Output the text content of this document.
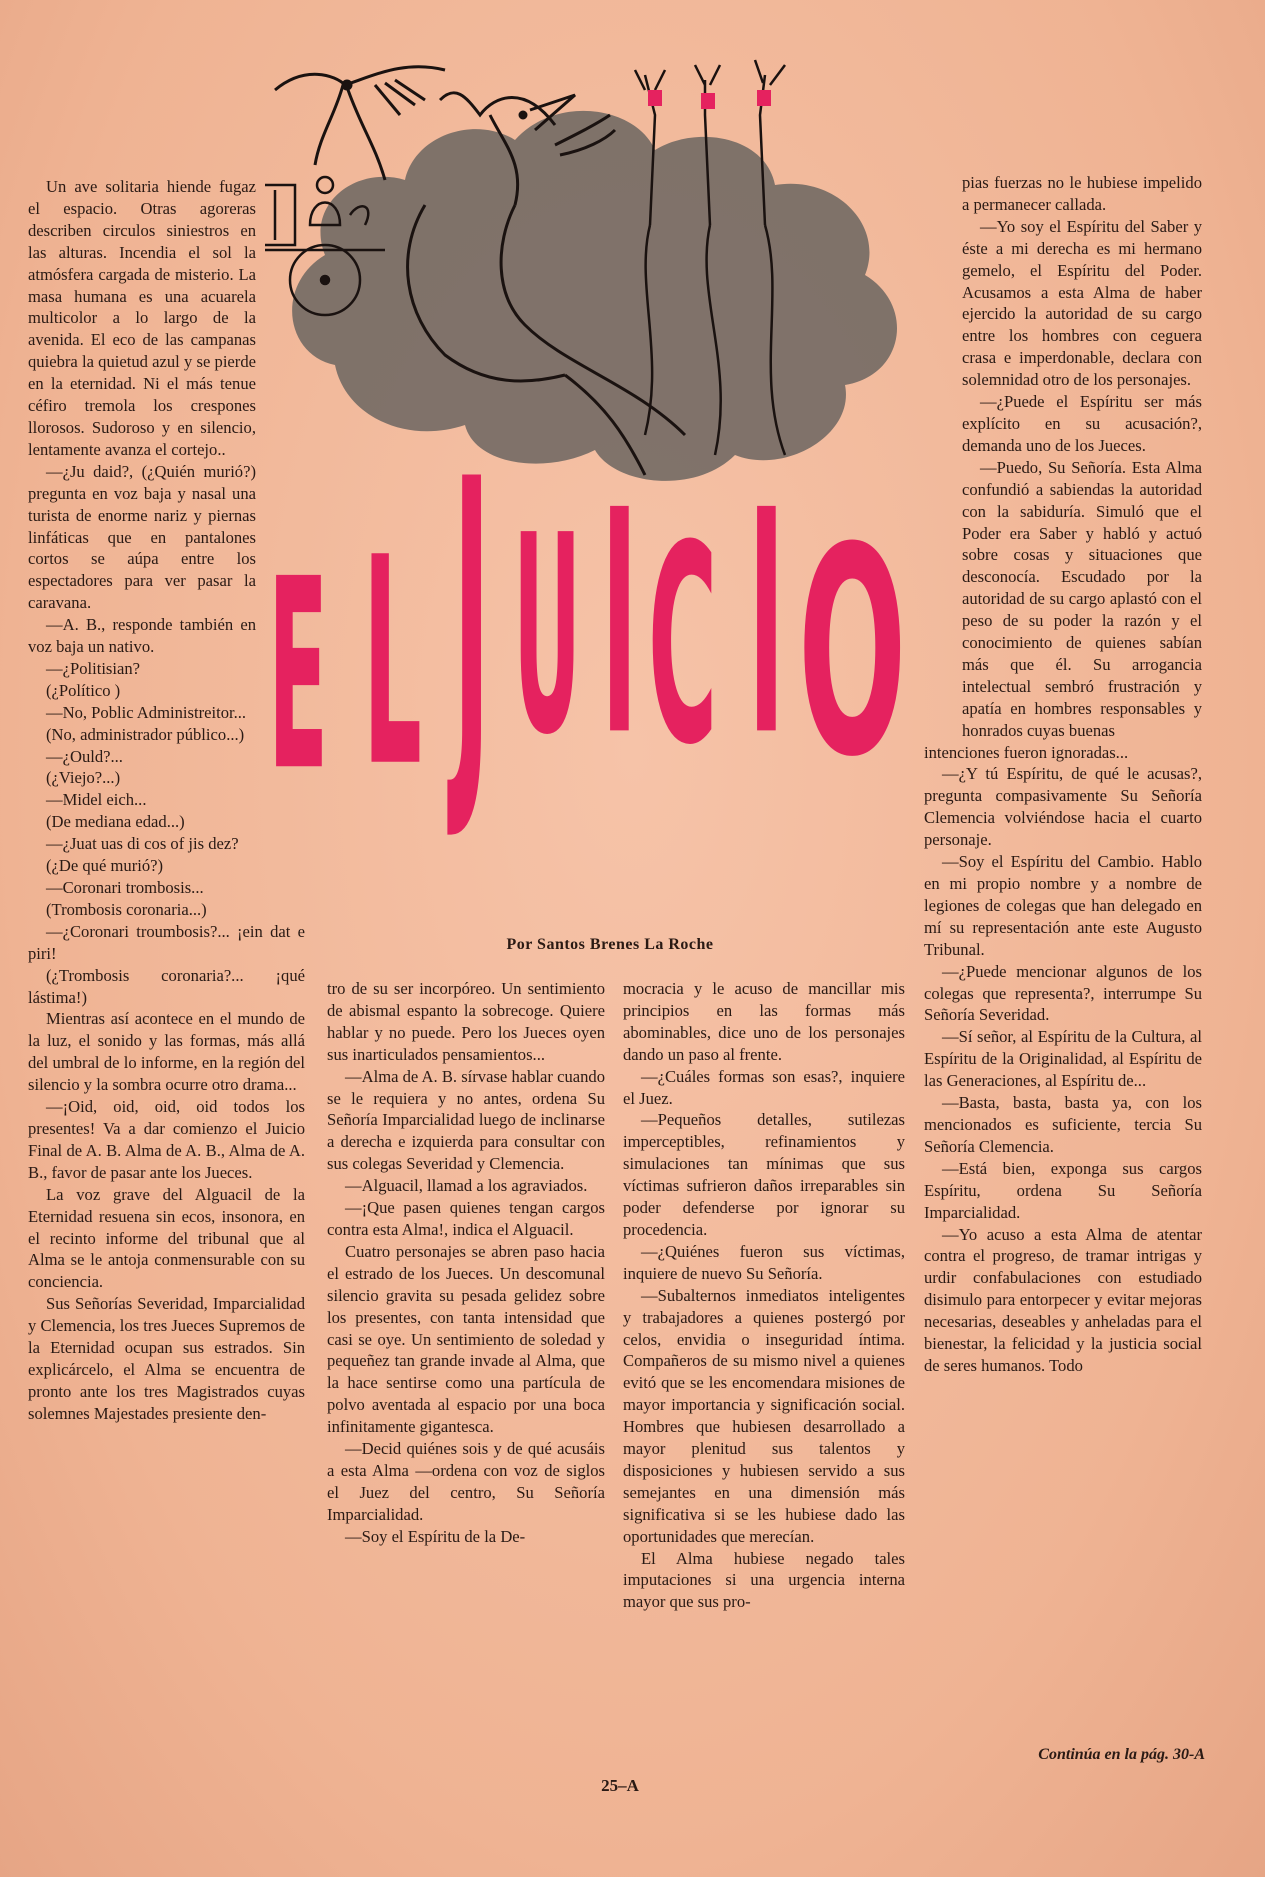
E L J U I C I O

Un ave solitaria hiende fugaz el espacio. Otras agoreras describen circulos siniestros en las alturas. Incendia el sol la atmósfera cargada de misterio. La masa humana es una acuarela multicolor a lo largo de la avenida. El eco de las campanas quiebra la quietud azul y se pierde en la eternidad. Ni el más tenue céfiro tremola los crespones llorosos. Sudoroso y en silencio, lentamente avanza el cortejo..

—¿Ju daid?, (¿Quién murió?) pregunta en voz baja y nasal una turista de enorme nariz y piernas linfáticas que en pantalones cortos se aúpa entre los espectadores para ver pasar la caravana.

—A. B., responde también en voz baja un nativo.

—¿Politisian?

(¿Político )

—No, Poblic Administreitor...

(No, administrador público...)

—¿Ould?...

(¿Viejo?...)

—Midel eich...

(De mediana edad...)

—¿Juat uas di cos of jis dez?

(¿De qué murió?)

—Coronari trombosis...

(Trombosis coronaria...)

—¿Coronari troumbosis?... ¡ein dat e piri!

(¿Trombosis coronaria?... ¡qué lástima!)

Mientras así acontece en el mundo de la luz, el sonido y las formas, más allá del umbral de lo informe, en la región del silencio y la sombra ocurre otro drama...

—¡Oid, oid, oid, oid todos los presentes! Va a dar comienzo el Juicio Final de A. B. Alma de A. B., Alma de A. B., favor de pasar ante los Jueces.

La voz grave del Alguacil de la Eternidad resuena sin ecos, insonora, en el recinto informe del tribunal que al Alma se le antoja conmensurable con su conciencia.

Sus Señorías Severidad, Imparcialidad y Clemencia, los tres Jueces Supremos de la Eternidad ocupan sus estrados. Sin explicárcelo, el Alma se encuentra de pronto ante los tres Magistrados cuyas solemnes Majestades presiente den-

Por Santos Brenes La Roche

tro de su ser incorpóreo. Un sentimiento de abismal espanto la sobrecoge. Quiere hablar y no puede. Pero los Jueces oyen sus inarticulados pensamientos...

—Alma de A. B. sírvase hablar cuando se le requiera y no antes, ordena Su Señoría Imparcialidad luego de inclinarse a derecha e izquierda para consultar con sus colegas Severidad y Clemencia.

—Alguacil, llamad a los agraviados.

—¡Que pasen quienes tengan cargos contra esta Alma!, indica el Alguacil.

Cuatro personajes se abren paso hacia el estrado de los Jueces. Un descomunal silencio gravita su pesada gelidez sobre los presentes, con tanta intensidad que casi se oye. Un sentimiento de soledad y pequeñez tan grande invade al Alma, que la hace sentirse como una partícula de polvo aventada al espacio por una boca infinitamente gigantesca.

—Decid quiénes sois y de qué acusáis a esta Alma —ordena con voz de siglos el Juez del centro, Su Señoría Imparcialidad.

—Soy el Espíritu de la De-

mocracia y le acuso de mancillar mis principios en las formas más abominables, dice uno de los personajes dando un paso al frente.

—¿Cuáles formas son esas?, inquiere el Juez.

—Pequeños detalles, sutilezas imperceptibles, refinamientos y simulaciones tan mínimas que sus víctimas sufrieron daños irreparables sin poder defenderse por ignorar su procedencia.

—¿Quiénes fueron sus víctimas, inquiere de nuevo Su Señoría.

—Subalternos inmediatos inteligentes y trabajadores a quienes postergó por celos, envidia o inseguridad íntima. Compañeros de su mismo nivel a quienes evitó que se les encomendara misiones de mayor importancia y significación social. Hombres que hubiesen desarrollado a mayor plenitud sus talentos y disposiciones y hubiesen servido a sus semejantes en una dimensión más significativa si se les hubiese dado las oportunidades que merecían.

El Alma hubiese negado tales imputaciones si una urgencia interna mayor que sus pro-

pias fuerzas no le hubiese impelido a permanecer callada.

—Yo soy el Espíritu del Saber y éste a mi derecha es mi hermano gemelo, el Espíritu del Poder. Acusamos a esta Alma de haber ejercido la autoridad de su cargo entre los hombres con ceguera crasa e imperdonable, declara con solemnidad otro de los personajes.

—¿Puede el Espíritu ser más explícito en su acusación?, demanda uno de los Jueces.

—Puedo, Su Señoría. Esta Alma confundió a sabiendas la autoridad con la sabiduría. Simuló que el Poder era Saber y habló y actuó sobre cosas y situaciones que desconocía. Escudado por la autoridad de su cargo aplastó con el peso de su poder la razón y el conocimiento de quienes sabían más que él. Su arrogancia intelectual sembró frustración y apatía en hombres responsables y honrados cuyas buenas

intenciones fueron ignoradas...

—¿Y tú Espíritu, de qué le acusas?, pregunta compasivamente Su Señoría Clemencia volviéndose hacia el cuarto personaje.

—Soy el Espíritu del Cambio. Hablo en mi propio nombre y a nombre de legiones de colegas que han delegado en mí su representación ante este Augusto Tribunal.

—¿Puede mencionar algunos de los colegas que representa?, interrumpe Su Señoría Severidad.

—Sí señor, al Espíritu de la Cultura, al Espíritu de la Originalidad, al Espíritu de las Generaciones, al Espíritu de...

—Basta, basta, basta ya, con los mencionados es suficiente, tercia Su Señoría Clemencia.

—Está bien, exponga sus cargos Espíritu, ordena Su Señoría Imparcialidad.

—Yo acuso a esta Alma de atentar contra el progreso, de tramar intrigas y urdir confabulaciones con estudiado disimulo para entorpecer y evitar mejoras necesarias, deseables y anheladas para el bienestar, la felicidad y la justicia social de seres humanos. Todo

Continúa en la pág. 30-A
25–A
